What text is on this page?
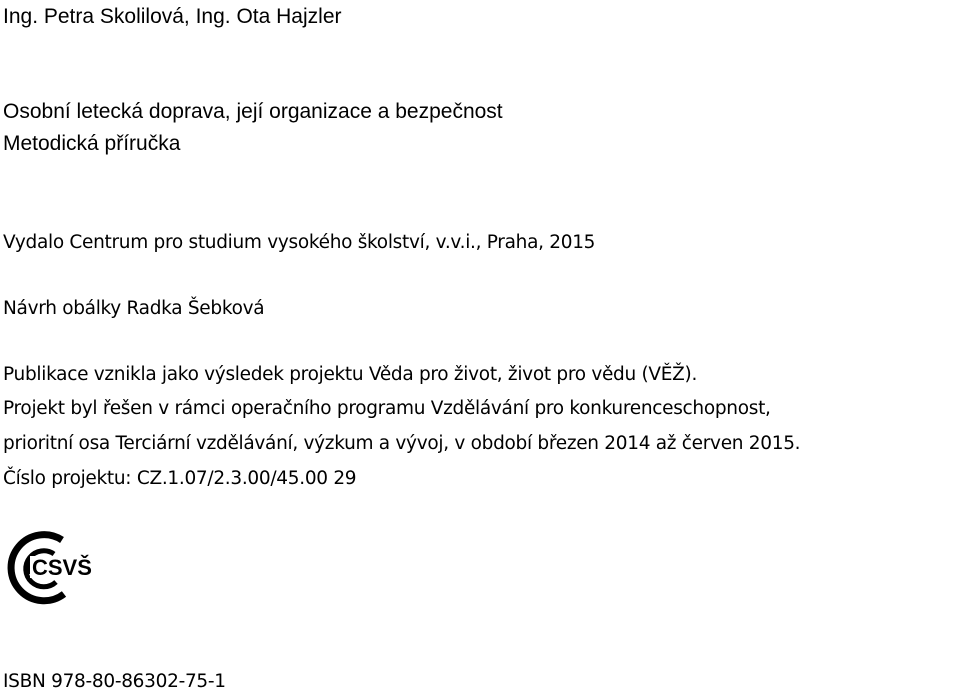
Ing. Petra Skolilová, Ing. Ota Hajzler
Osobní letecká doprava, její organizace a bezpečnost
Metodická příručka
Vydalo Centrum pro studium vysokého školství, v.v.i., Praha, 2015
Návrh obálky Radka Šebková
Publikace vznikla jako výsledek projektu Věda pro život, život pro vědu (VĚŽ).
Projekt byl řešen v rámci operačního programu Vzdělávání pro konkurenceschopnost,
prioritní osa Terciární vzdělávání, výzkum a vývoj, v období březen 2014 až červen 2015.
Číslo projektu: CZ.1.07/2.3.00/45.00 29
CSVŠ
ISBN 978-80-86302-75-1
